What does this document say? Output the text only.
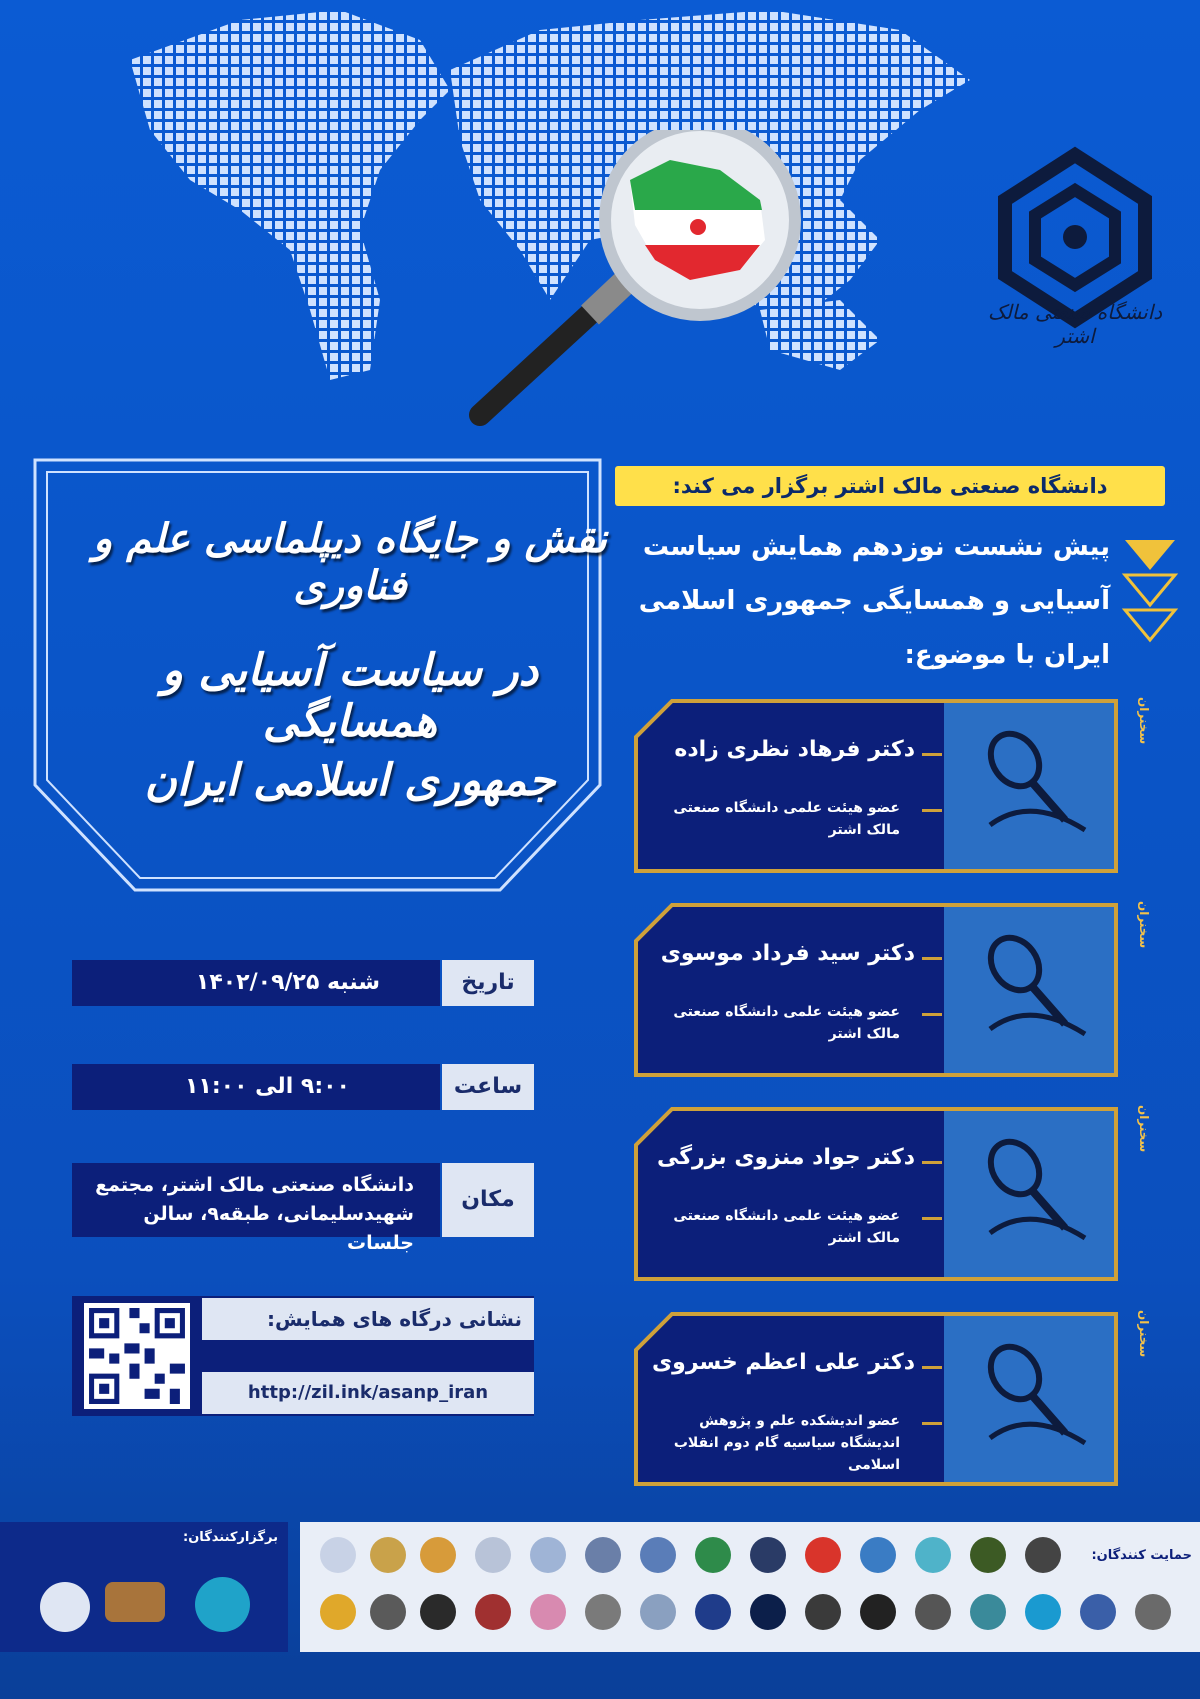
دانشگاه صنعتی مالک اشتر
نقش و جایگاه دیپلماسی علم و فناوری
در سیاست آسیایی و همسایگی
جمهوری اسلامی ایران
دانشگاه صنعتی مالک اشتر برگزار می کند:
پیش نشست نوزدهم همایش سیاست
آسیایی و همسایگی جمهوری اسلامی
ایران با موضوع:
دکتر فرهاد نظری زاده
عضو هیئت علمی دانشگاه صنعتی
مالک اشتر
سخنران
دکتر سید فرداد موسوی
عضو هیئت علمی دانشگاه صنعتی
مالک اشتر
سخنران
دکتر جواد منزوی بزرگی
عضو هیئت علمی دانشگاه صنعتی
مالک اشتر
سخنران
دکتر علی اعظم خسروی
عضو اندیشکده علم و پژوهش
اندیشگاه سیاسیه گام دوم انقلاب اسلامی
سخنران
شنبه ۱۴۰۲/۰۹/۲۵	تاریخ
۹:۰۰ الی ۱۱:۰۰	ساعت
دانشگاه صنعتی مالک اشتر، مجتمع
شهیدسلیمانی، طبقه۹، سالن جلسات
مکان
نشانی درگاه های همایش:
http://zil.ink/asanp_iran
برگزارکنندگان:
حمایت کنندگان:
